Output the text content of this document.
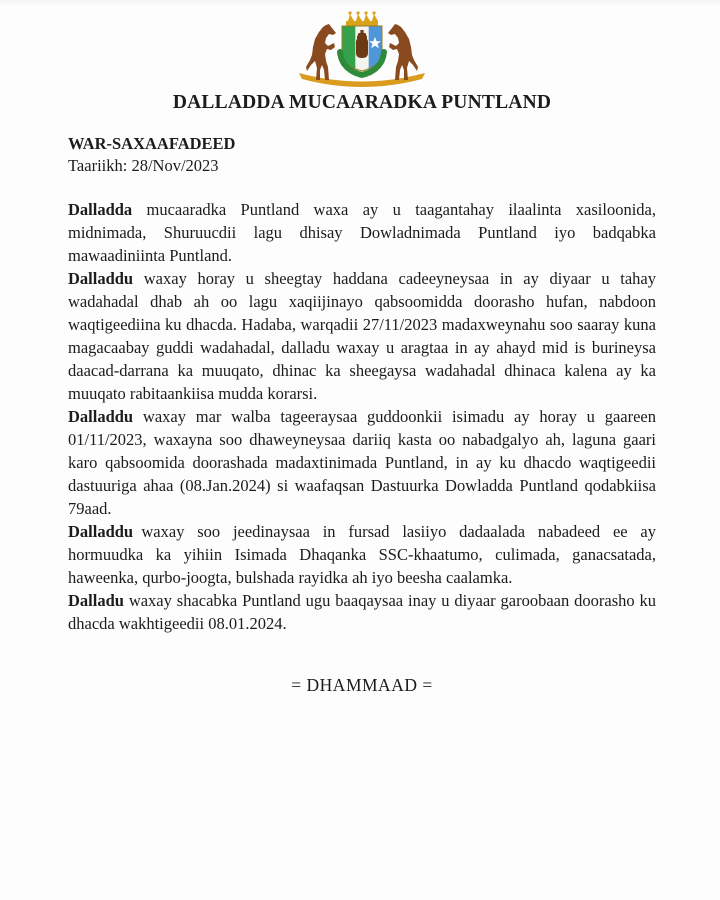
DALLADDA MUCAARADKA PUNTLAND

WAR-SAXAAFADEED

Taariikh: 28/Nov/2023

Dalladda mucaaradka Puntland waxa ay u taagantahay ilaalinta xasiloonida, midnimada, Shuruucdii lagu dhisay Dowladnimada Puntland iyo badqabka mawaadiniinta Puntland.

Dalladdu waxay horay u sheegtay haddana cadeeyneysaa in ay diyaar u tahay wadahadal dhab ah oo lagu xaqiijinayo qabsoomidda doorasho hufan, nabdoon waqtigeediina ku dhacda. Hadaba, warqadii 27/11/2023 madaxweynahu soo saaray kuna magacaabay guddi wadahadal, dalladu waxay u aragtaa in ay ahayd mid is burineysa daacad-darrana ka muuqato, dhinac ka sheegaysa wadahadal dhinaca kalena ay ka muuqato rabitaankiisa mudda korarsi.

Dalladdu waxay mar walba tageeraysaa guddoonkii isimadu ay horay u gaareen 01/11/2023, waxayna soo dhaweyneysaa dariiq kasta oo nabadgalyo ah, laguna gaari karo qabsoomida doorashada madaxtinimada Puntland, in ay ku dhacdo waqtigeedii dastuuriga ahaa (08.Jan.2024) si waafaqsan Dastuurka Dowladda Puntland qodabkiisa 79aad.

Dalladdu waxay soo jeedinaysaa in fursad lasiiyo dadaalada nabadeed ee ay hormuudka ka yihiin Isimada Dhaqanka SSC-khaatumo, culimada, ganacsatada, haweenka, qurbo-joogta, bulshada rayidka ah iyo beesha caalamka.

Dalladu waxay shacabka Puntland ugu baaqaysaa inay u diyaar garoobaan doorasho ku dhacda wakhtigeedii 08.01.2024.

= DHAMMAAD =
